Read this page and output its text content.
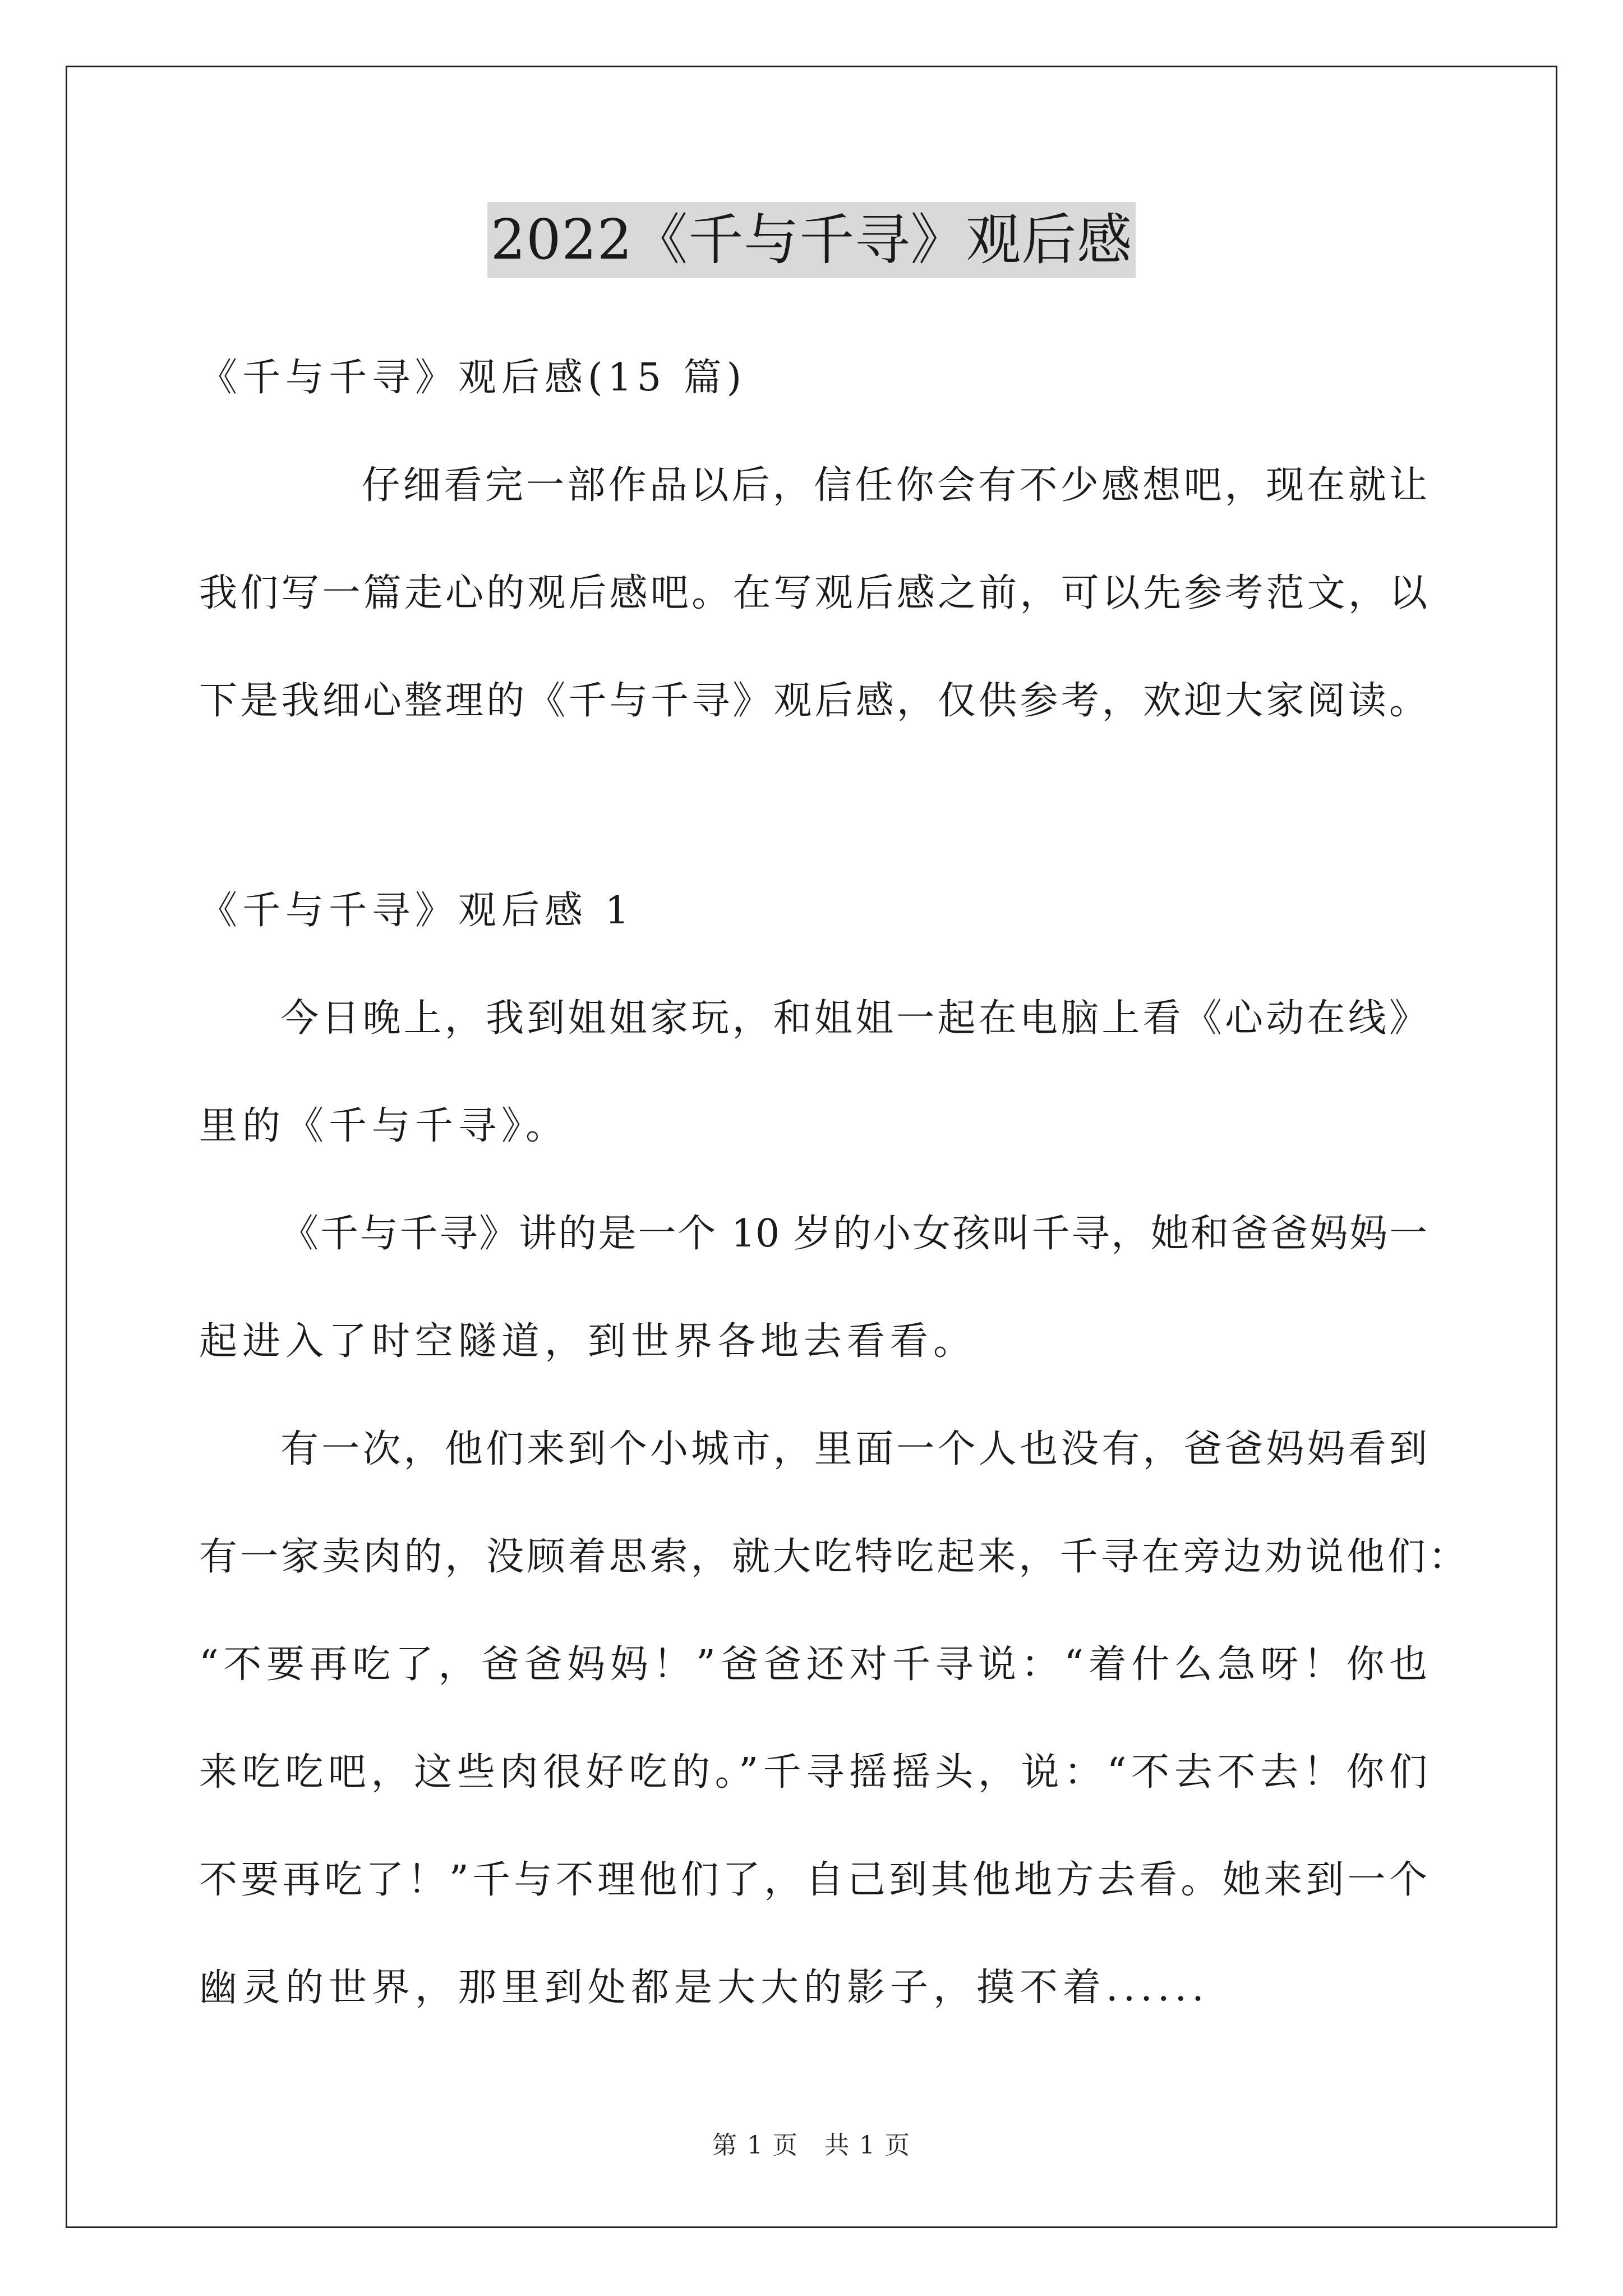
2022《千与千寻》观后感
《千与千寻》观后感(15 篇)
仔细看完一部作品以后，信任你会有不少感想吧，现在就让
我们写一篇走心的观后感吧。在写观后感之前，可以先参考范文，以
下是我细心整理的《千与千寻》观后感，仅供参考，欢迎大家阅读。
《千与千寻》观后感 1
今日晚上，我到姐姐家玩，和姐姐一起在电脑上看《心动在线》
里的《千与千寻》。
《千与千寻》讲的是一个 10 岁的小女孩叫千寻，她和爸爸妈妈一
起进入了时空隧道，到世界各地去看看。
有一次，他们来到个小城市，里面一个人也没有，爸爸妈妈看到
有一家卖肉的，没顾着思索，就大吃特吃起来，千寻在旁边劝说他们：
“不要再吃了，爸爸妈妈！”爸爸还对千寻说：“着什么急呀！你也
来吃吃吧，这些肉很好吃的。”千寻摇摇头，说：“不去不去！你们
不要再吃了！”千与不理他们了，自己到其他地方去看。她来到一个
幽灵的世界，那里到处都是大大的影子，摸不着......
第 1 页　共 1 页
